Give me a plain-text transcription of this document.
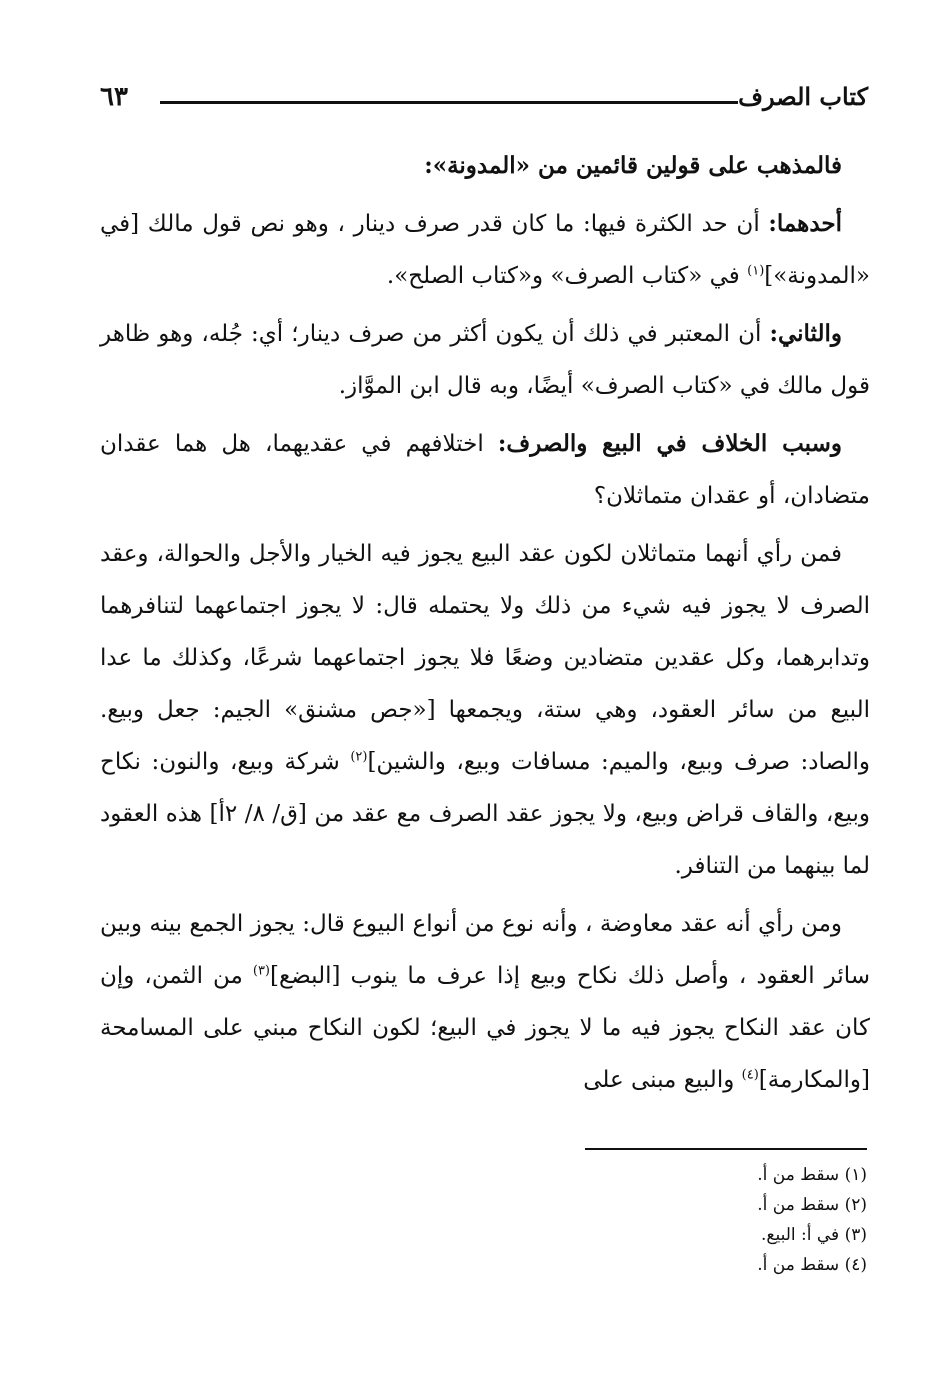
كتاب الصرف
٦٣

فالمذهب على قولين قائمين من «المدونة»:

أحدهما: أن حد الكثرة فيها: ما كان قدر صرف دينار ، وهو نص قول مالك [في «المدونة»]$^{(١)}$ في «كتاب الصرف» و«كتاب الصلح».

والثاني: أن المعتبر في ذلك أن يكون أكثر من صرف دينار؛ أي: جُله، وهو ظاهر قول مالك في «كتاب الصرف» أيضًا، وبه قال ابن الموَّاز.

وسبب الخلاف في البيع والصرف: اختلافهم في عقديهما، هل هما عقدان متضادان، أو عقدان متماثلان؟

فمن رأي أنهما متماثلان لكون عقد البيع يجوز فيه الخيار والأجل والحوالة، وعقد الصرف لا يجوز فيه شيء من ذلك ولا يحتمله قال: لا يجوز اجتماعهما لتنافرهما وتدابرهما، وكل عقدين متضادين وضعًا فلا يجوز اجتماعهما شرعًا، وكذلك ما عدا البيع من سائر العقود، وهي ستة، ويجمعها [«جص مشنق» الجيم: جعل وبيع. والصاد: صرف وبيع، والميم: مسافات وبيع، والشين]$^{(٢)}$ شركة وبيع، والنون: نكاح وبيع، والقاف قراض وبيع، ولا يجوز عقد الصرف مع عقد من [ق/ ٨/ ٢أ] هذه العقود لما بينهما من التنافر.

ومن رأي أنه عقد معاوضة ، وأنه نوع من أنواع البيوع قال: يجوز الجمع بينه وبين سائر العقود ، وأصل ذلك نكاح وبيع إذا عرف ما ينوب [البضع]$^{(٣)}$ من الثمن، وإن كان عقد النكاح يجوز فيه ما لا يجوز في البيع؛ لكون النكاح مبني على المسامحة [والمكارمة]$^{(٤)}$ والبيع مبنى على

(١) سقط من أ.
(٢) سقط من أ.
(٣) في أ: البيع.
(٤) سقط من أ.
